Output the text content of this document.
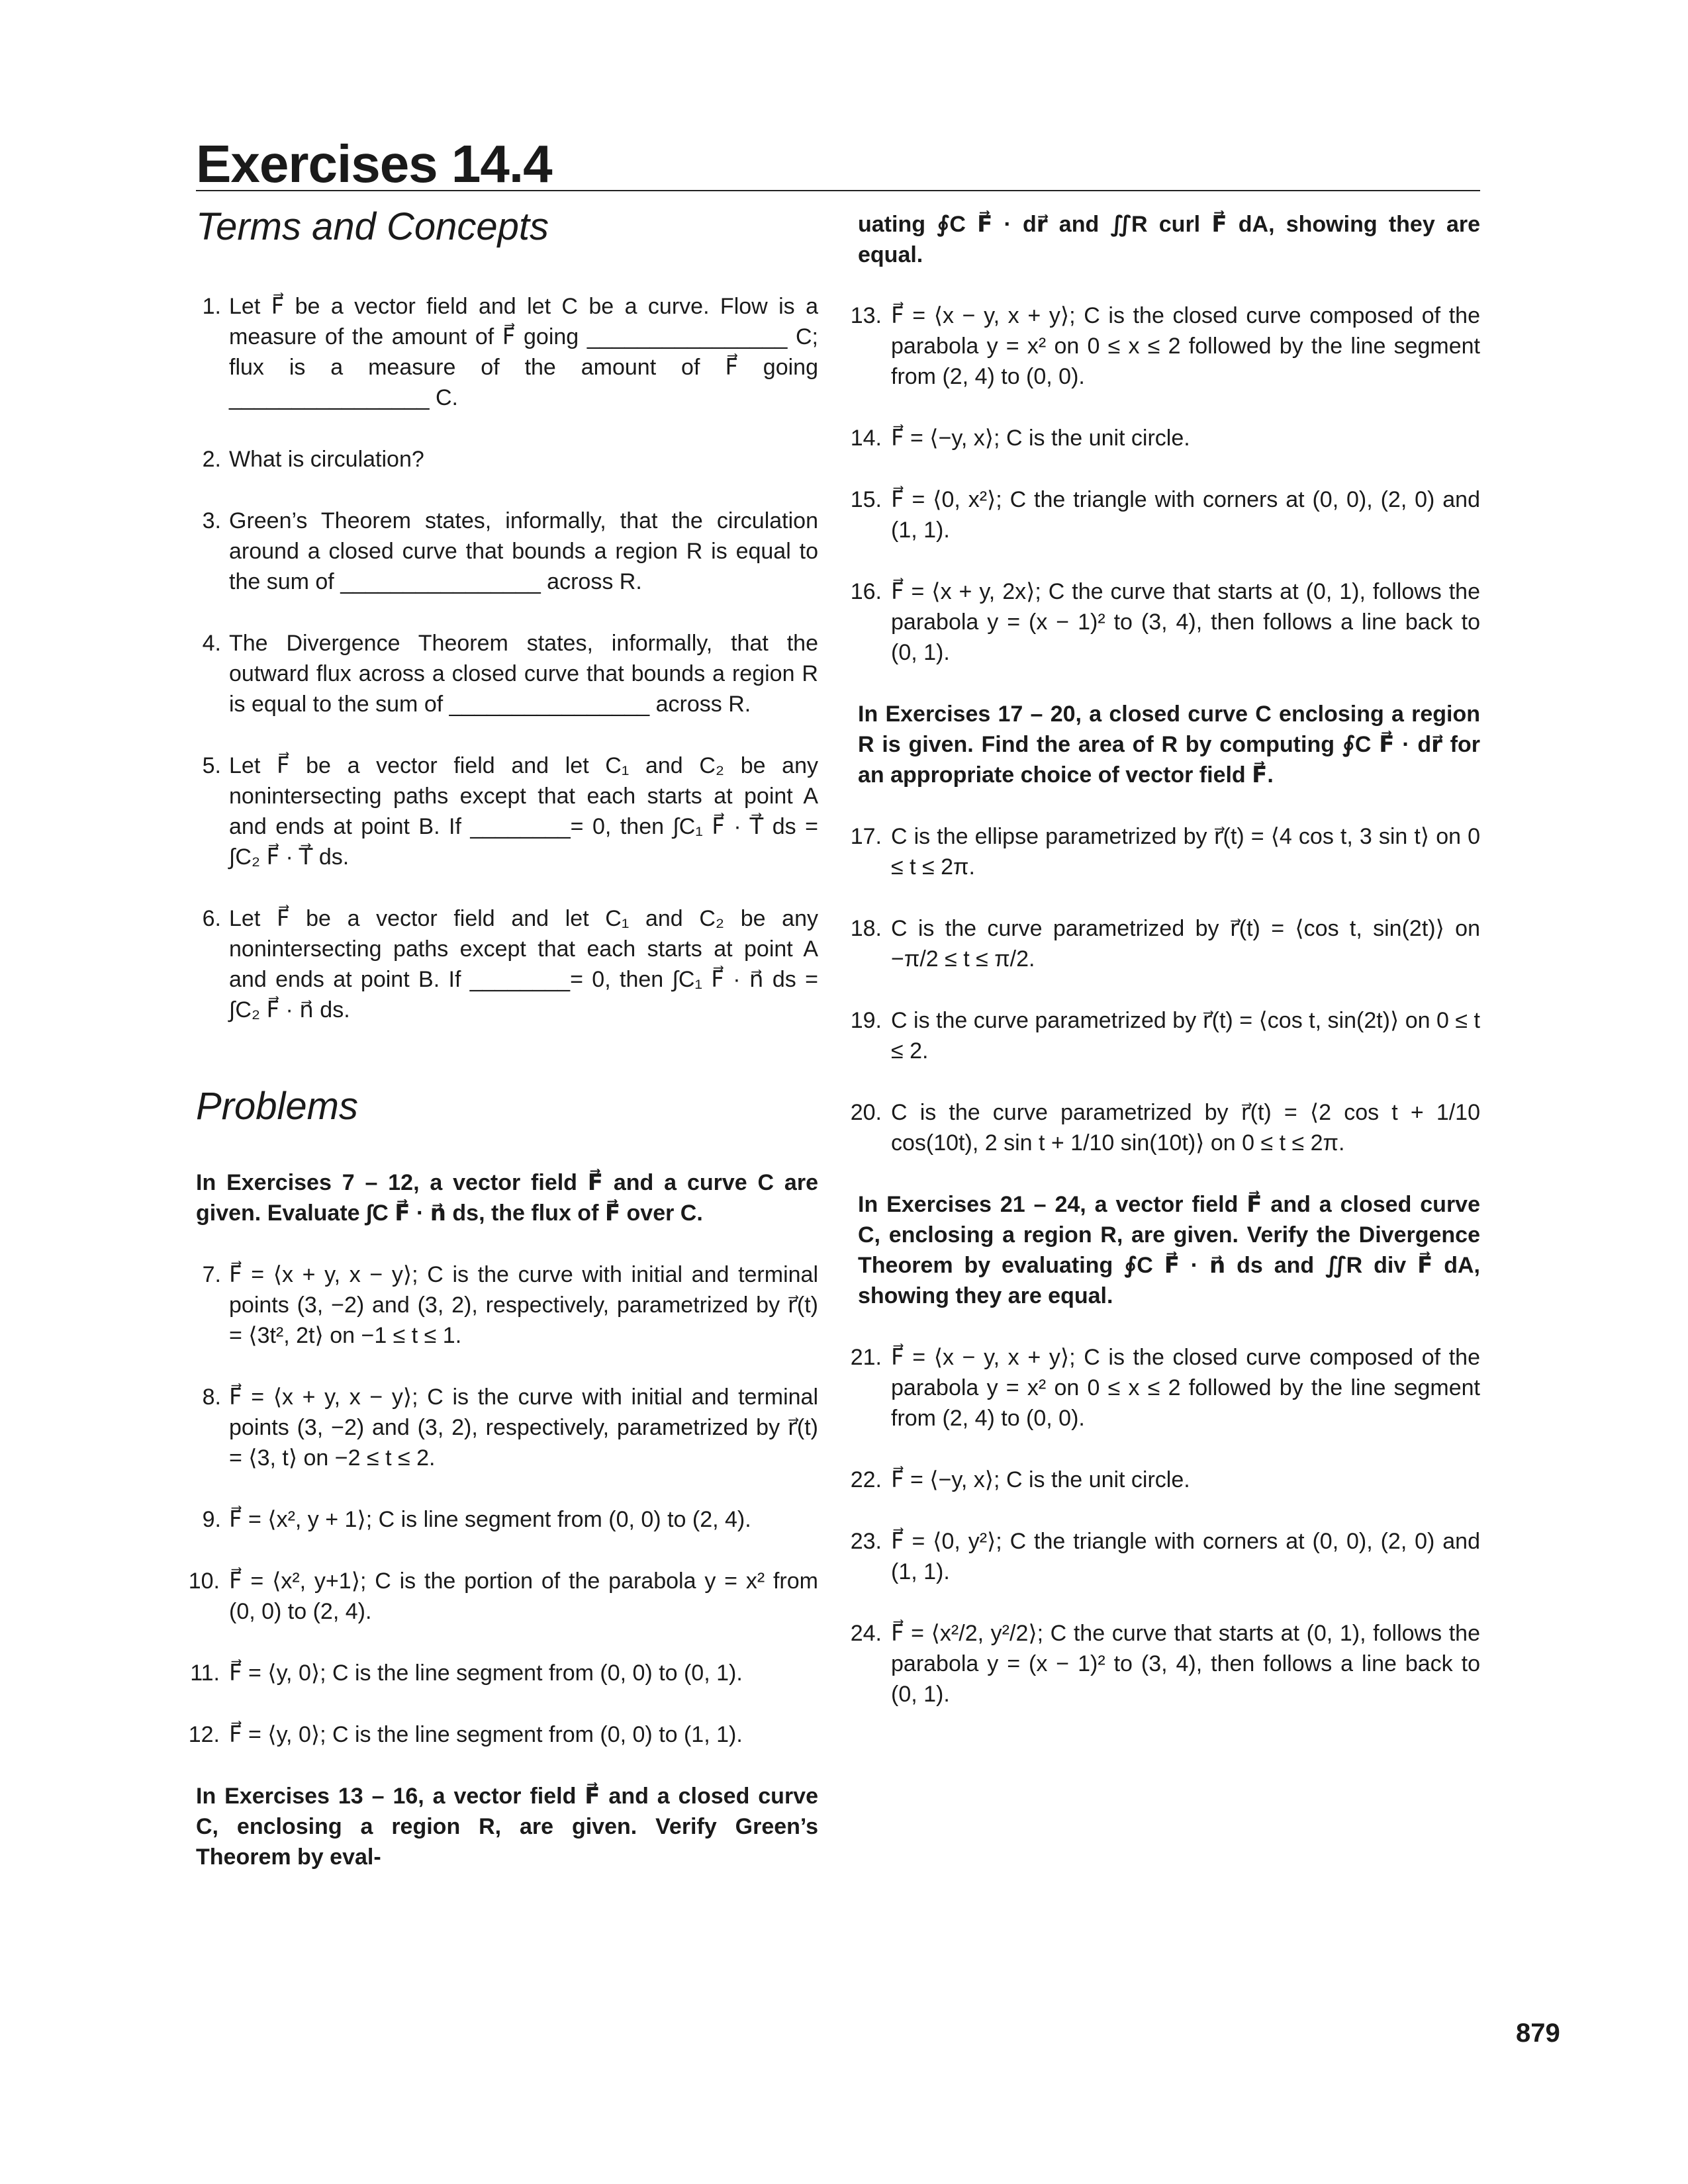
Exercises 14.4
Terms and Concepts
1. Let F⃗ be a vector field and let C be a curve. Flow is a measure of the amount of F⃗ going ________________ C; flux is a measure of the amount of F⃗ going ________________ C.
2. What is circulation?
3. Green’s Theorem states, informally, that the circulation around a closed curve that bounds a region R is equal to the sum of ________________ across R.
4. The Divergence Theorem states, informally, that the outward flux across a closed curve that bounds a region R is equal to the sum of ________________ across R.
5. Let F⃗ be a vector field and let C₁ and C₂ be any nonintersecting paths except that each starts at point A and ends at point B. If ________= 0, then ∫C₁ F⃗ · T⃗ ds = ∫C₂ F⃗ · T⃗ ds.
6. Let F⃗ be a vector field and let C₁ and C₂ be any nonintersecting paths except that each starts at point A and ends at point B. If ________= 0, then ∫C₁ F⃗ · n⃗ ds = ∫C₂ F⃗ · n⃗ ds.
Problems
In Exercises 7 – 12, a vector field F⃗ and a curve C are given. Evaluate ∫C F⃗ · n⃗ ds, the flux of F⃗ over C.
7. F⃗ = ⟨x + y, x − y⟩; C is the curve with initial and terminal points (3, −2) and (3, 2), respectively, parametrized by r⃗(t) = ⟨3t², 2t⟩ on −1 ≤ t ≤ 1.
8. F⃗ = ⟨x + y, x − y⟩; C is the curve with initial and terminal points (3, −2) and (3, 2), respectively, parametrized by r⃗(t) = ⟨3, t⟩ on −2 ≤ t ≤ 2.
9. F⃗ = ⟨x², y + 1⟩; C is line segment from (0, 0) to (2, 4).
10. F⃗ = ⟨x², y+1⟩; C is the portion of the parabola y = x² from (0, 0) to (2, 4).
11. F⃗ = ⟨y, 0⟩; C is the line segment from (0, 0) to (0, 1).
12. F⃗ = ⟨y, 0⟩; C is the line segment from (0, 0) to (1, 1).
In Exercises 13 – 16, a vector field F⃗ and a closed curve C, enclosing a region R, are given. Verify Green’s Theorem by eval-
uating ∮C F⃗ · dr⃗ and ∬R curl F⃗ dA, showing they are equal.
13. F⃗ = ⟨x − y, x + y⟩; C is the closed curve composed of the parabola y = x² on 0 ≤ x ≤ 2 followed by the line segment from (2, 4) to (0, 0).
14. F⃗ = ⟨−y, x⟩; C is the unit circle.
15. F⃗ = ⟨0, x²⟩; C the triangle with corners at (0, 0), (2, 0) and (1, 1).
16. F⃗ = ⟨x + y, 2x⟩; C the curve that starts at (0, 1), follows the parabola y = (x − 1)² to (3, 4), then follows a line back to (0, 1).
In Exercises 17 – 20, a closed curve C enclosing a region R is given. Find the area of R by computing ∮C F⃗ · dr⃗ for an appropriate choice of vector field F⃗.
17. C is the ellipse parametrized by r⃗(t) = ⟨4 cos t, 3 sin t⟩ on 0 ≤ t ≤ 2π.
18. C is the curve parametrized by r⃗(t) = ⟨cos t, sin(2t)⟩ on −π/2 ≤ t ≤ π/2.
19. C is the curve parametrized by r⃗(t) = ⟨cos t, sin(2t)⟩ on 0 ≤ t ≤ 2.
20. C is the curve parametrized by r⃗(t) = ⟨2 cos t + 1/10 cos(10t), 2 sin t + 1/10 sin(10t)⟩ on 0 ≤ t ≤ 2π.
In Exercises 21 – 24, a vector field F⃗ and a closed curve C, enclosing a region R, are given. Verify the Divergence Theorem by evaluating ∮C F⃗ · n⃗ ds and ∬R div F⃗ dA, showing they are equal.
21. F⃗ = ⟨x − y, x + y⟩; C is the closed curve composed of the parabola y = x² on 0 ≤ x ≤ 2 followed by the line segment from (2, 4) to (0, 0).
22. F⃗ = ⟨−y, x⟩; C is the unit circle.
23. F⃗ = ⟨0, y²⟩; C the triangle with corners at (0, 0), (2, 0) and (1, 1).
24. F⃗ = ⟨x²/2, y²/2⟩; C the curve that starts at (0, 1), follows the parabola y = (x − 1)² to (3, 4), then follows a line back to (0, 1).
879
